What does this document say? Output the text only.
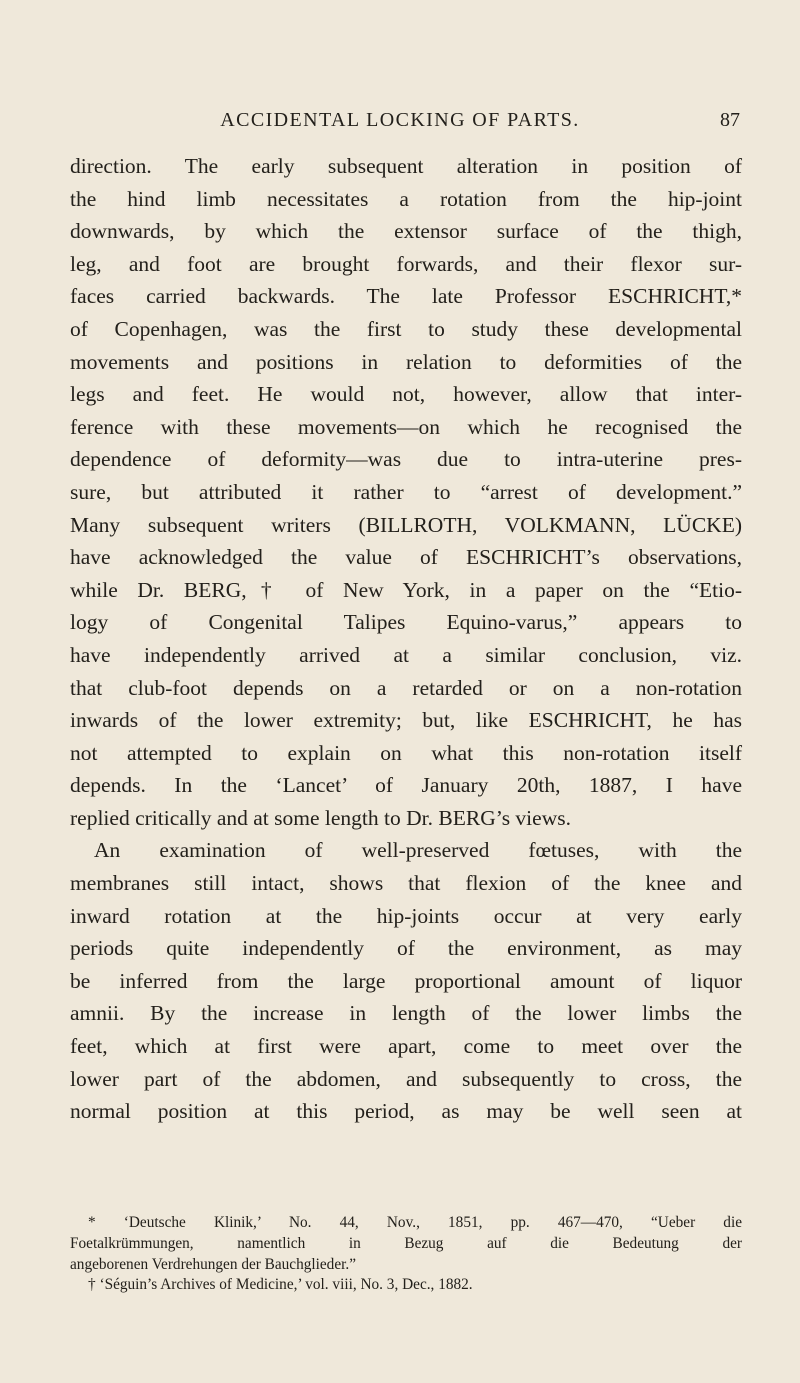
ACCIDENTAL LOCKING OF PARTS.	87
direction. The early subsequent alteration in position of
the hind limb necessitates a rotation from the hip-joint
downwards, by which the extensor surface of the thigh,
leg, and foot are brought forwards, and their flexor sur-
faces carried backwards. The late Professor ESCHRICHT,*
of Copenhagen, was the first to study these developmental
movements and positions in relation to deformities of the
legs and feet. He would not, however, allow that inter-
ference with these movements—on which he recognised the
dependence of deformity—was due to intra-uterine pres-
sure, but attributed it rather to “arrest of development.”
Many subsequent writers (BILLROTH, VOLKMANN, LÜCKE)
have acknowledged the value of ESCHRICHT’s observations,
while Dr. BERG,† of New York, in a paper on the “Etio-
logy of Congenital Talipes Equino-varus,” appears to
have independently arrived at a similar conclusion, viz.
that club-foot depends on a retarded or on a non-rotation
inwards of the lower extremity; but, like ESCHRICHT, he has
not attempted to explain on what this non-rotation itself
depends. In the ‘Lancet’ of January 20th, 1887, I have
replied critically and at some length to Dr. BERG’s views.
An examination of well-preserved fœtuses, with the
membranes still intact, shows that flexion of the knee and
inward rotation at the hip-joints occur at very early
periods quite independently of the environment, as may
be inferred from the large proportional amount of liquor
amnii. By the increase in length of the lower limbs the
feet, which at first were apart, come to meet over the
lower part of the abdomen, and subsequently to cross, the
normal position at this period, as may be well seen at
* ‘Deutsche Klinik,’ No. 44, Nov., 1851, pp. 467—470, “Ueber die
Foetalkrümmungen, namentlich in Bezug auf die Bedeutung der
angeborenen Verdrehungen der Bauchglieder.”
† ‘Séguin’s Archives of Medicine,’ vol. viii, No. 3, Dec., 1882.
